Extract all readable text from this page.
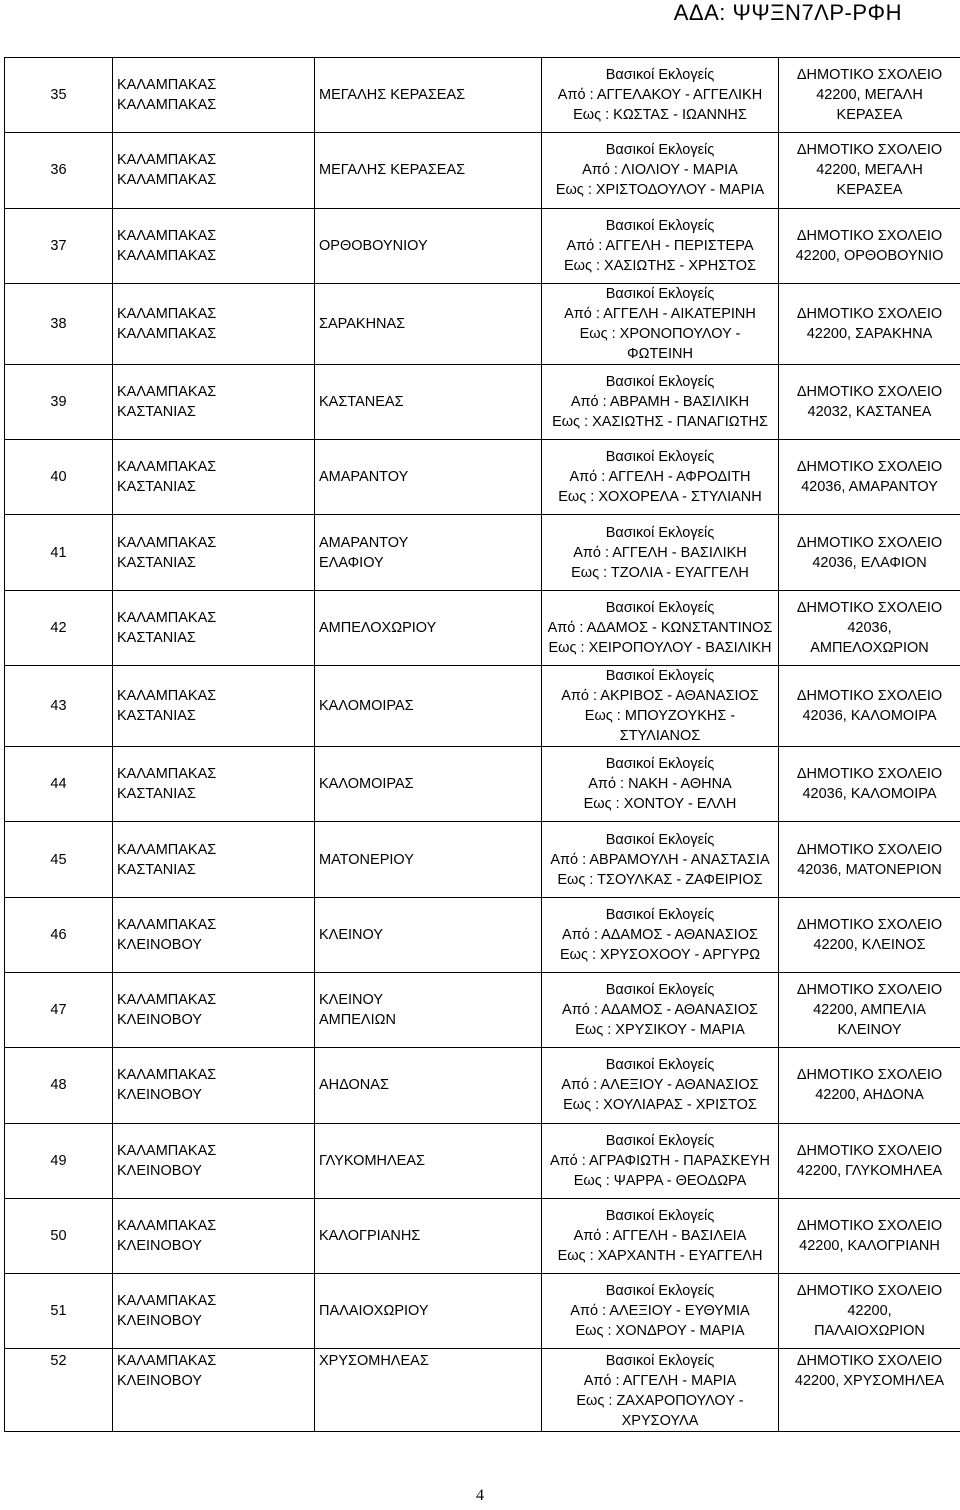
ΑΔΑ: ΨΨΞΝ7ΛΡ-ΡΦΗ
35	ΚΑΛΑΜΠΑΚΑΣ
ΚΑΛΑΜΠΑΚΑΣ	ΜΕΓΑΛΗΣ ΚΕΡΑΣΕΑΣ	Βασικοί Εκλογείς
Από : ΑΓΓΕΛΑΚΟΥ - ΑΓΓΕΛΙΚΗ
Εως : ΚΩΣΤΑΣ - ΙΩΑΝΝΗΣ	ΔΗΜΟΤΙΚΟ ΣΧΟΛΕΙΟ
42200, ΜΕΓΑΛΗ
ΚΕΡΑΣΕΑ

36	ΚΑΛΑΜΠΑΚΑΣ
ΚΑΛΑΜΠΑΚΑΣ	ΜΕΓΑΛΗΣ ΚΕΡΑΣΕΑΣ	Βασικοί Εκλογείς
Από : ΛΙΟΛΙΟΥ - ΜΑΡΙΑ
Εως : ΧΡΙΣΤΟΔΟΥΛΟΥ - ΜΑΡΙΑ	ΔΗΜΟΤΙΚΟ ΣΧΟΛΕΙΟ
42200, ΜΕΓΑΛΗ
ΚΕΡΑΣΕΑ

37	ΚΑΛΑΜΠΑΚΑΣ
ΚΑΛΑΜΠΑΚΑΣ	ΟΡΘΟΒΟΥΝΙΟΥ	Βασικοί Εκλογείς
Από : ΑΓΓΕΛΗ - ΠΕΡΙΣΤΕΡΑ
Εως : ΧΑΣΙΩΤΗΣ - ΧΡΗΣΤΟΣ	ΔΗΜΟΤΙΚΟ ΣΧΟΛΕΙΟ
42200, ΟΡΘΟΒΟΥΝΙΟ

38	ΚΑΛΑΜΠΑΚΑΣ
ΚΑΛΑΜΠΑΚΑΣ	ΣΑΡΑΚΗΝΑΣ	Βασικοί Εκλογείς
Από : ΑΓΓΕΛΗ - ΑΙΚΑΤΕΡΙΝΗ
Εως : ΧΡΟΝΟΠΟΥΛΟΥ - ΦΩΤΕΙΝΗ	ΔΗΜΟΤΙΚΟ ΣΧΟΛΕΙΟ
42200, ΣΑΡΑΚΗΝΑ

39	ΚΑΛΑΜΠΑΚΑΣ
ΚΑΣΤΑΝΙΑΣ	ΚΑΣΤΑΝΕΑΣ	Βασικοί Εκλογείς
Από : ΑΒΡΑΜΗ - ΒΑΣΙΛΙΚΗ
Εως : ΧΑΣΙΩΤΗΣ - ΠΑΝΑΓΙΩΤΗΣ	ΔΗΜΟΤΙΚΟ ΣΧΟΛΕΙΟ
42032, ΚΑΣΤΑΝΕΑ

40	ΚΑΛΑΜΠΑΚΑΣ
ΚΑΣΤΑΝΙΑΣ	ΑΜΑΡΑΝΤΟΥ	Βασικοί Εκλογείς
Από : ΑΓΓΕΛΗ - ΑΦΡΟΔΙΤΗ
Εως : ΧΟΧΟΡΕΛΑ - ΣΤΥΛΙΑΝΗ	ΔΗΜΟΤΙΚΟ ΣΧΟΛΕΙΟ
42036, ΑΜΑΡΑΝΤΟΥ

41	ΚΑΛΑΜΠΑΚΑΣ
ΚΑΣΤΑΝΙΑΣ	ΑΜΑΡΑΝΤΟΥ
ΕΛΑΦΙΟΥ	Βασικοί Εκλογείς
Από : ΑΓΓΕΛΗ - ΒΑΣΙΛΙΚΗ
Εως : ΤΖΟΛΙΑ - ΕΥΑΓΓΕΛΗ	ΔΗΜΟΤΙΚΟ ΣΧΟΛΕΙΟ
42036, ΕΛΑΦΙΟΝ

42	ΚΑΛΑΜΠΑΚΑΣ
ΚΑΣΤΑΝΙΑΣ	ΑΜΠΕΛΟΧΩΡΙΟΥ	Βασικοί Εκλογείς
Από : ΑΔΑΜΟΣ - ΚΩΝΣΤΑΝΤΙΝΟΣ
Εως : ΧΕΙΡΟΠΟΥΛΟΥ - ΒΑΣΙΛΙΚΗ	ΔΗΜΟΤΙΚΟ ΣΧΟΛΕΙΟ
42036,
ΑΜΠΕΛΟΧΩΡΙΟΝ

43	ΚΑΛΑΜΠΑΚΑΣ
ΚΑΣΤΑΝΙΑΣ	ΚΑΛΟΜΟΙΡΑΣ	Βασικοί Εκλογείς
Από : ΑΚΡΙΒΟΣ - ΑΘΑΝΑΣΙΟΣ
Εως : ΜΠΟΥΖΟΥΚΗΣ - ΣΤΥΛΙΑΝΟΣ	ΔΗΜΟΤΙΚΟ ΣΧΟΛΕΙΟ
42036, ΚΑΛΟΜΟΙΡΑ

44	ΚΑΛΑΜΠΑΚΑΣ
ΚΑΣΤΑΝΙΑΣ	ΚΑΛΟΜΟΙΡΑΣ	Βασικοί Εκλογείς
Από : ΝΑΚΗ - ΑΘΗΝΑ
Εως : ΧΟΝΤΟΥ - ΕΛΛΗ	ΔΗΜΟΤΙΚΟ ΣΧΟΛΕΙΟ
42036, ΚΑΛΟΜΟΙΡΑ

45	ΚΑΛΑΜΠΑΚΑΣ
ΚΑΣΤΑΝΙΑΣ	ΜΑΤΟΝΕΡΙΟΥ	Βασικοί Εκλογείς
Από : ΑΒΡΑΜΟΥΛΗ - ΑΝΑΣΤΑΣΙΑ
Εως : ΤΣΟΥΛΚΑΣ - ΖΑΦΕΙΡΙΟΣ	ΔΗΜΟΤΙΚΟ ΣΧΟΛΕΙΟ
42036, ΜΑΤΟΝΕΡΙΟΝ

46	ΚΑΛΑΜΠΑΚΑΣ
ΚΛΕΙΝΟΒΟΥ	ΚΛΕΙΝΟΥ	Βασικοί Εκλογείς
Από : ΑΔΑΜΟΣ - ΑΘΑΝΑΣΙΟΣ
Εως : ΧΡΥΣΟΧΟΟΥ - ΑΡΓΥΡΩ	ΔΗΜΟΤΙΚΟ ΣΧΟΛΕΙΟ
42200, ΚΛΕΙΝΟΣ

47	ΚΑΛΑΜΠΑΚΑΣ
ΚΛΕΙΝΟΒΟΥ	ΚΛΕΙΝΟΥ
ΑΜΠΕΛΙΩΝ	Βασικοί Εκλογείς
Από : ΑΔΑΜΟΣ - ΑΘΑΝΑΣΙΟΣ
Εως : ΧΡΥΣΙΚΟΥ - ΜΑΡΙΑ	ΔΗΜΟΤΙΚΟ ΣΧΟΛΕΙΟ
42200, ΑΜΠΕΛΙΑ
ΚΛΕΙΝΟΥ

48	ΚΑΛΑΜΠΑΚΑΣ
ΚΛΕΙΝΟΒΟΥ	ΑΗΔΟΝΑΣ	Βασικοί Εκλογείς
Από : ΑΛΕΞΙΟΥ - ΑΘΑΝΑΣΙΟΣ
Εως : ΧΟΥΛΙΑΡΑΣ - ΧΡΙΣΤΟΣ	ΔΗΜΟΤΙΚΟ ΣΧΟΛΕΙΟ
42200, ΑΗΔΟΝΑ

49	ΚΑΛΑΜΠΑΚΑΣ
ΚΛΕΙΝΟΒΟΥ	ΓΛΥΚΟΜΗΛΕΑΣ	Βασικοί Εκλογείς
Από : ΑΓΡΑΦΙΩΤΗ - ΠΑΡΑΣΚΕΥΗ
Εως : ΨΑΡΡΑ - ΘΕΟΔΩΡΑ	ΔΗΜΟΤΙΚΟ ΣΧΟΛΕΙΟ
42200, ΓΛΥΚΟΜΗΛΕΑ

50	ΚΑΛΑΜΠΑΚΑΣ
ΚΛΕΙΝΟΒΟΥ	ΚΑΛΟΓΡΙΑΝΗΣ	Βασικοί Εκλογείς
Από : ΑΓΓΕΛΗ - ΒΑΣΙΛΕΙΑ
Εως : ΧΑΡΧΑΝΤΗ - ΕΥΑΓΓΕΛΗ	ΔΗΜΟΤΙΚΟ ΣΧΟΛΕΙΟ
42200, ΚΑΛΟΓΡΙΑΝΗ

51	ΚΑΛΑΜΠΑΚΑΣ
ΚΛΕΙΝΟΒΟΥ	ΠΑΛΑΙΟΧΩΡΙΟΥ	Βασικοί Εκλογείς
Από : ΑΛΕΞΙΟΥ - ΕΥΘΥΜΙΑ
Εως : ΧΟΝΔΡΟΥ - ΜΑΡΙΑ	ΔΗΜΟΤΙΚΟ ΣΧΟΛΕΙΟ
42200,
ΠΑΛΑΙΟΧΩΡΙΟΝ

52	ΚΑΛΑΜΠΑΚΑΣ
ΚΛΕΙΝΟΒΟΥ	ΧΡΥΣΟΜΗΛΕΑΣ	Βασικοί Εκλογείς
Από : ΑΓΓΕΛΗ - ΜΑΡΙΑ
Εως : ΖΑΧΑΡΟΠΟΥΛΟΥ -
ΧΡΥΣΟΥΛΑ	ΔΗΜΟΤΙΚΟ ΣΧΟΛΕΙΟ
42200, ΧΡΥΣΟΜΗΛΕΑ
4
